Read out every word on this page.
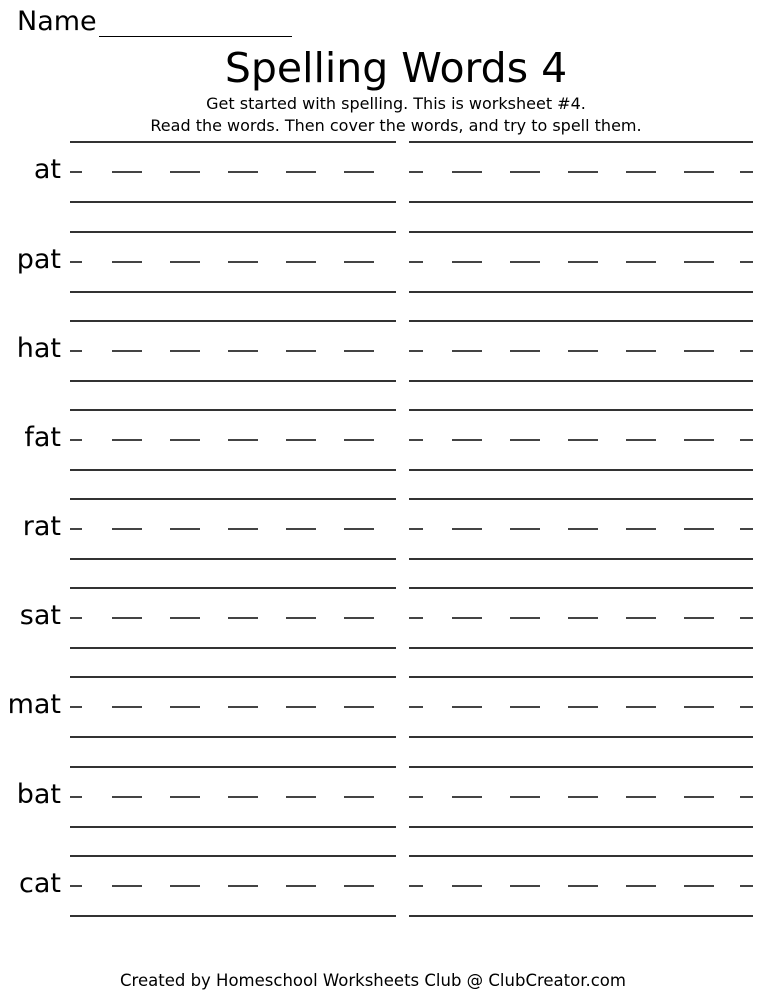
Name
Spelling Words 4
Get started with spelling. This is worksheet #4.
Read the words. Then cover the words, and try to spell them.
at
pat
hat
fat
rat
sat
mat
bat
cat
Created by Homeschool Worksheets Club @ ClubCreator.com
